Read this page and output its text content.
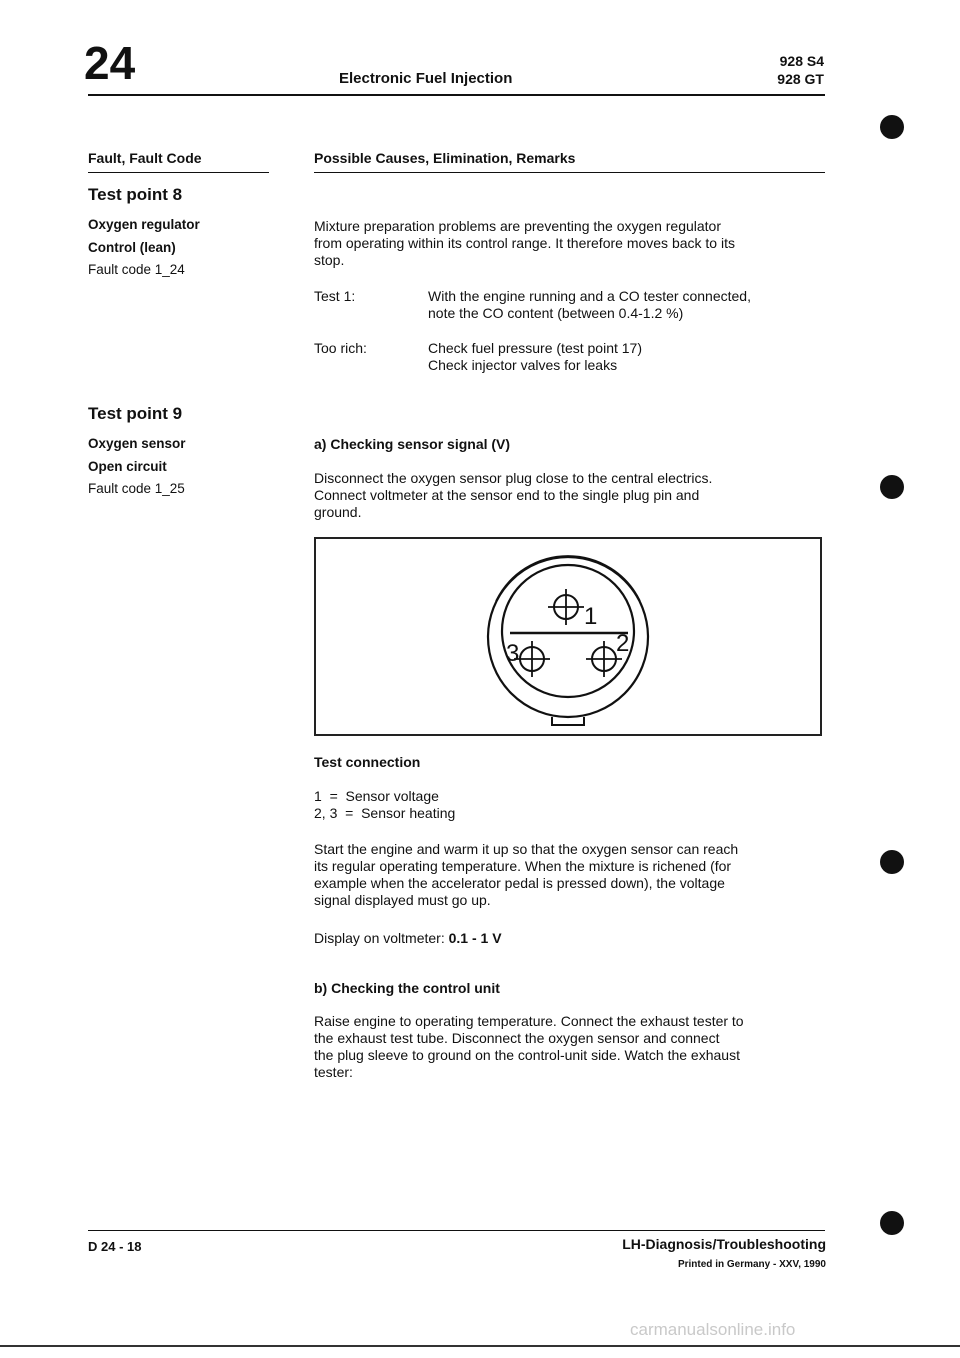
24	Electronic Fuel Injection
928 S4
928 GT
Fault, Fault Code	Possible Causes, Elimination, Remarks
Test point 8
Oxygen regulator
Control (lean)
Fault code 1_24
Mixture preparation problems are preventing the oxygen regulator
from operating within its control range. It therefore moves back to its
stop.
Test 1:	With the engine running and a CO tester connected,
note the CO content (between 0.4-1.2 %)
Too rich:	Check fuel pressure (test point 17)
Check injector valves for leaks
Test point 9
Oxygen sensor
Open circuit
Fault code 1_25
a) Checking sensor signal (V)
Disconnect the oxygen sensor plug close to the central electrics.
Connect voltmeter at the sensor end to the single plug pin and
ground.
1
3	2
Test connection
1  =  Sensor voltage
2, 3  =  Sensor heating
Start the engine and warm it up so that the oxygen sensor can reach
its regular operating temperature. When the mixture is richened (for
example when the accelerator pedal is pressed down), the voltage
signal displayed must go up.
Display on voltmeter: 0.1 - 1 V
b) Checking the control unit
Raise engine to operating temperature. Connect the exhaust tester to
the exhaust test tube. Disconnect the oxygen sensor and connect
the plug sleeve to ground on the control-unit side. Watch the exhaust
tester:
D 24 - 18	LH-Diagnosis/Troubleshooting
Printed in Germany - XXV, 1990
carmanualsonline.info
